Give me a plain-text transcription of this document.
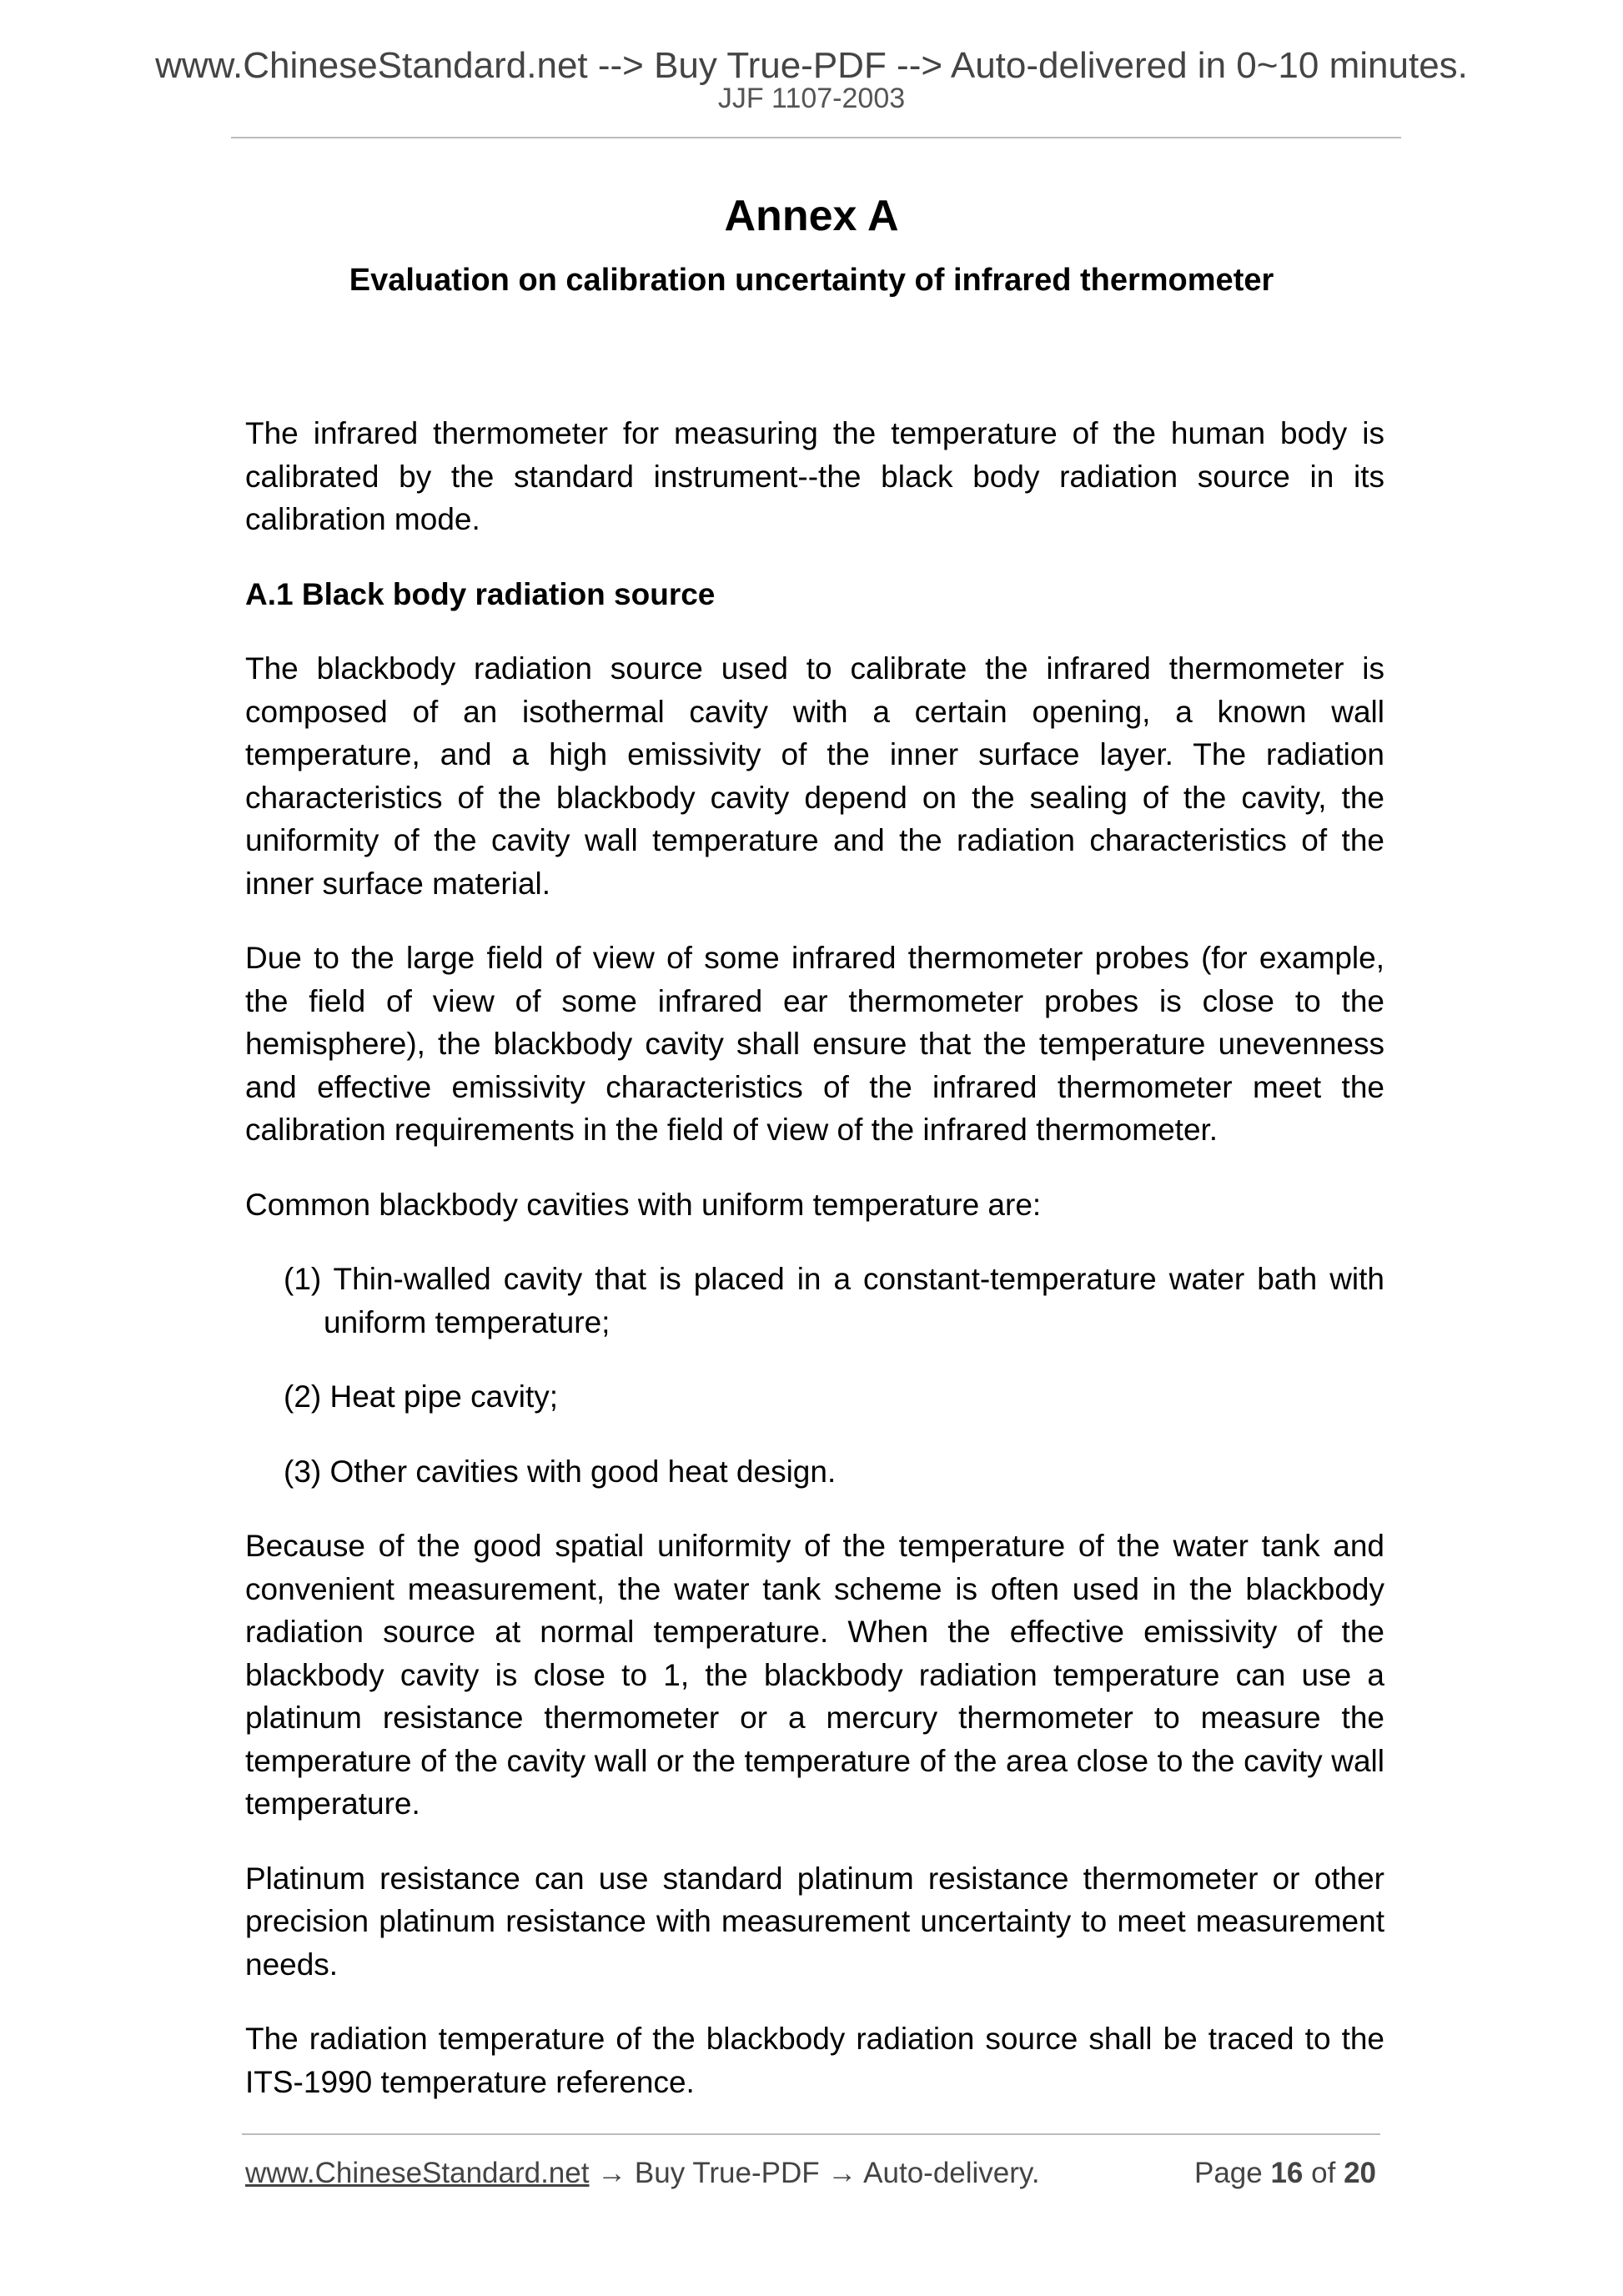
www.ChineseStandard.net --> Buy True-PDF --> Auto-delivered in 0~10 minutes.
JJF 1107-2003
Annex A
Evaluation on calibration uncertainty of infrared thermometer

The infrared thermometer for measuring the temperature of the human body is calibrated by the standard instrument--the black body radiation source in its calibration mode.

A.1 Black body radiation source

The blackbody radiation source used to calibrate the infrared thermometer is composed of an isothermal cavity with a certain opening, a known wall temperature, and a high emissivity of the inner surface layer. The radiation characteristics of the blackbody cavity depend on the sealing of the cavity, the uniformity of the cavity wall temperature and the radiation characteristics of the inner surface material.

Due to the large field of view of some infrared thermometer probes (for example, the field of view of some infrared ear thermometer probes is close to the hemisphere), the blackbody cavity shall ensure that the temperature unevenness and effective emissivity characteristics of the infrared thermometer meet the calibration requirements in the field of view of the infrared thermometer.

Common blackbody cavities with uniform temperature are:

(1) Thin-walled cavity that is placed in a constant-temperature water bath with uniform temperature;

(2) Heat pipe cavity;

(3) Other cavities with good heat design.

Because of the good spatial uniformity of the temperature of the water tank and convenient measurement, the water tank scheme is often used in the blackbody radiation source at normal temperature. When the effective emissivity of the blackbody cavity is close to 1, the blackbody radiation temperature can use a platinum resistance thermometer or a mercury thermometer to measure the temperature of the cavity wall or the temperature of the area close to the cavity wall temperature.

Platinum resistance can use standard platinum resistance thermometer or other precision platinum resistance with measurement uncertainty to meet measurement needs.

The radiation temperature of the blackbody radiation source shall be traced to the ITS-1990 temperature reference.

www.ChineseStandard.net → Buy True-PDF → Auto-delivery.	Page 16 of 20
